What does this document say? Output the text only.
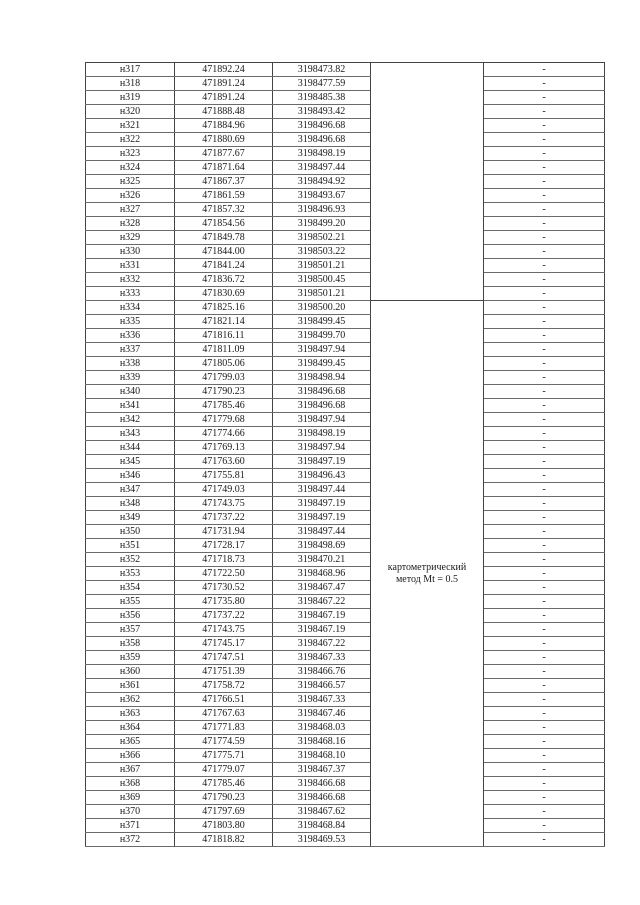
н317	471892.24	3198473.82		-
н318	471891.24	3198477.59		-
н319	471891.24	3198485.38		-
н320	471888.48	3198493.42		-
н321	471884.96	3198496.68		-
н322	471880.69	3198496.68		-
н323	471877.67	3198498.19		-
н324	471871.64	3198497.44		-
н325	471867.37	3198494.92		-
н326	471861.59	3198493.67		-
н327	471857.32	3198496.93		-
н328	471854.56	3198499.20		-
н329	471849.78	3198502.21		-
н330	471844.00	3198503.22		-
н331	471841.24	3198501.21		-
н332	471836.72	3198500.45		-
н333	471830.69	3198501.21		-
н334	471825.16	3198500.20	картометрический
метод Mt = 0.5	-
н335	471821.14	3198499.45		-
н336	471816.11	3198499.70		-
н337	471811.09	3198497.94		-
н338	471805.06	3198499.45		-
н339	471799.03	3198498.94		-
н340	471790.23	3198496.68		-
н341	471785.46	3198496.68		-
н342	471779.68	3198497.94		-
н343	471774.66	3198498.19		-
н344	471769.13	3198497.94		-
н345	471763.60	3198497.19		-
н346	471755.81	3198496.43		-
н347	471749.03	3198497.44		-
н348	471743.75	3198497.19		-
н349	471737.22	3198497.19		-
н350	471731.94	3198497.44		-
н351	471728.17	3198498.69		-
н352	471718.73	3198470.21		-
н353	471722.50	3198468.96		-
н354	471730.52	3198467.47		-
н355	471735.80	3198467.22		-
н356	471737.22	3198467.19		-
н357	471743.75	3198467.19		-
н358	471745.17	3198467.22		-
н359	471747.51	3198467.33		-
н360	471751.39	3198466.76		-
н361	471758.72	3198466.57		-
н362	471766.51	3198467.33		-
н363	471767.63	3198467.46		-
н364	471771.83	3198468.03		-
н365	471774.59	3198468.16		-
н366	471775.71	3198468.10		-
н367	471779.07	3198467.37		-
н368	471785.46	3198466.68		-
н369	471790.23	3198466.68		-
н370	471797.69	3198467.62		-
н371	471803.80	3198468.84		-
н372	471818.82	3198469.53		-
